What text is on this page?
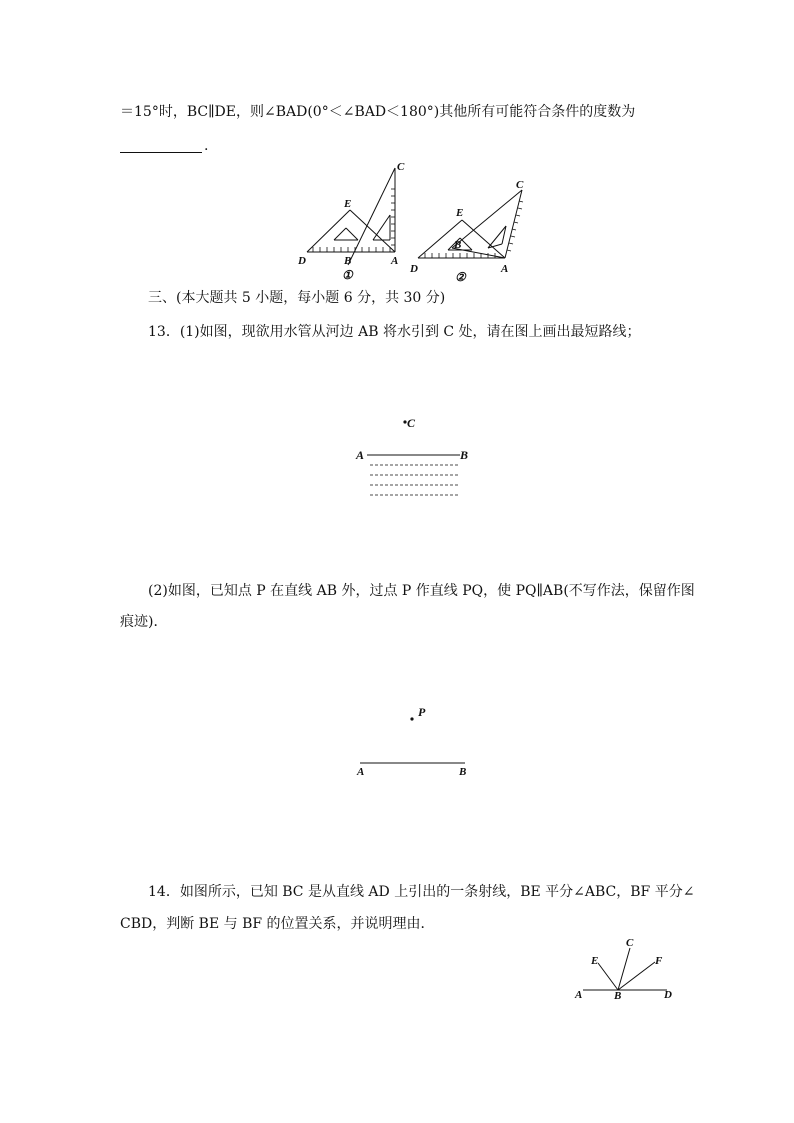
＝15°时，BC∥DE，则∠BAD(0°＜∠BAD＜180°)其他所有可能符合条件的度数为
.
C
E
D	B	A
①
C
E
B
D	A
②
三、(本大题共 5 小题，每小题 6 分，共 30 分)
13．(1)如图，现欲用水管从河边 AB 将水引到 C 处，请在图上画出最短路线；
C
A	B
(2)如图，已知点 P 在直线 AB 外，过点 P 作直线 PQ，使 PQ∥AB(不写作法，保留作图
痕迹)．
P
A	B
14．如图所示，已知 BC 是从直线 AD 上引出的一条射线，BE 平分∠ABC，BF 平分∠
CBD，判断 BE 与 BF 的位置关系，并说明理由．
C
E	F
A	B	D
